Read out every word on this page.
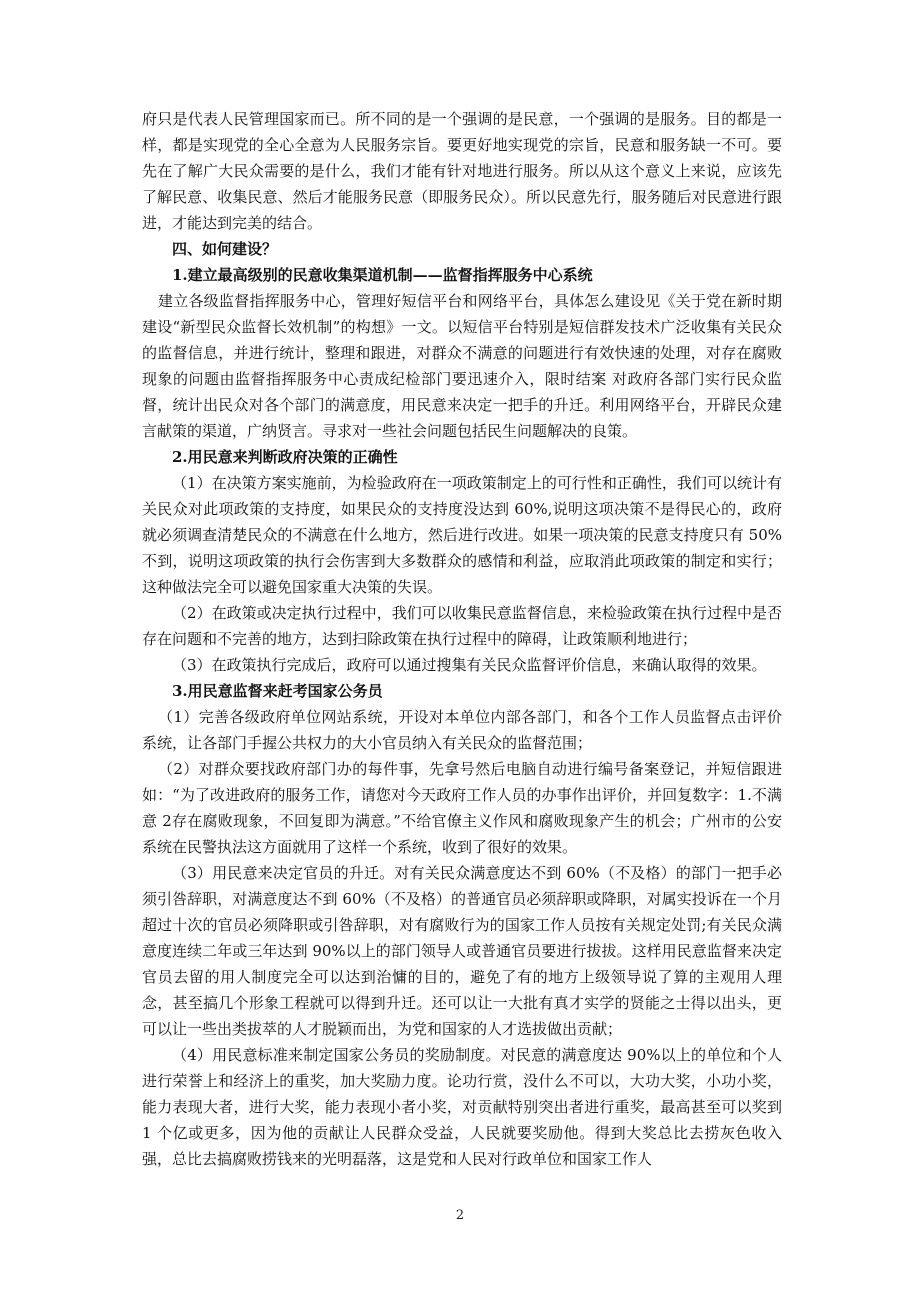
府只是代表人民管理国家而已。所不同的是一个强调的是民意，一个强调的是服务。目的都是一样，都是实现党的全心全意为人民服务宗旨。要更好地实现党的宗旨，民意和服务缺一不可。要先在了解广大民众需要的是什么，我们才能有针对地进行服务。所以从这个意义上来说，应该先了解民意、收集民意、然后才能服务民意（即服务民众）。所以民意先行，服务随后对民意进行跟进，才能达到完美的结合。

四、如何建设？

1.建立最高级别的民意收集渠道机制——监督指挥服务中心系统

建立各级监督指挥服务中心，管理好短信平台和网络平台，具体怎么建设见《关于党在新时期建设“新型民众监督长效机制”的构想》一文。以短信平台特别是短信群发技术广泛收集有关民众的监督信息，并进行统计，整理和跟进，对群众不满意的问题进行有效快速的处理，对存在腐败现象的问题由监督指挥服务中心责成纪检部门要迅速介入，限时结案 对政府各部门实行民众监督，统计出民众对各个部门的满意度，用民意来决定一把手的升迁。利用网络平台，开辟民众建言献策的渠道，广纳贤言。寻求对一些社会问题包括民生问题解决的良策。

2.用民意来判断政府决策的正确性

（1）在决策方案实施前，为检验政府在一项政策制定上的可行性和正确性，我们可以统计有关民众对此项政策的支持度，如果民众的支持度没达到 60%,说明这项决策不是得民心的，政府就必须调查清楚民众的不满意在什么地方，然后进行改进。如果一项决策的民意支持度只有 50%不到，说明这项政策的执行会伤害到大多数群众的感情和利益，应取消此项政策的制定和实行；这种做法完全可以避免国家重大决策的失误。

（2）在政策或决定执行过程中，我们可以收集民意监督信息，来检验政策在执行过程中是否存在问题和不完善的地方，达到扫除政策在执行过程中的障碍，让政策顺利地进行；

（3）在政策执行完成后，政府可以通过搜集有关民众监督评价信息，来确认取得的效果。

3.用民意监督来赶考国家公务员

（1）完善各级政府单位网站系统，开设对本单位内部各部门，和各个工作人员监督点击评价系统，让各部门手握公共权力的大小官员纳入有关民众的监督范围；

（2）对群众要找政府部门办的每件事，先拿号然后电脑自动进行编号备案登记，并短信跟进如：“为了改进政府的服务工作，请您对今天政府工作人员的办事作出评价，并回复数字：1.不满意 2存在腐败现象，不回复即为满意。”不给官僚主义作风和腐败现象产生的机会；广州市的公安系统在民警执法这方面就用了这样一个系统，收到了很好的效果。

（3）用民意来决定官员的升迁。对有关民众满意度达不到 60%（不及格）的部门一把手必须引咎辞职，对满意度达不到 60%（不及格）的普通官员必须辞职或降职，对属实投诉在一个月超过十次的官员必须降职或引咎辞职，对有腐败行为的国家工作人员按有关规定处罚;有关民众满意度连续二年或三年达到 90%以上的部门领导人或普通官员要进行拔拔。这样用民意监督来决定官员去留的用人制度完全可以达到治慵的目的，避免了有的地方上级领导说了算的主观用人理念，甚至搞几个形象工程就可以得到升迁。还可以让一大批有真才实学的贤能之士得以出头，更可以让一些出类拔萃的人才脱颖而出，为党和国家的人才选拔做出贡献；

（4）用民意标准来制定国家公务员的奖励制度。对民意的满意度达 90%以上的单位和个人进行荣誉上和经济上的重奖，加大奖励力度。论功行赏，没什么不可以，大功大奖，小功小奖，能力表现大者，进行大奖，能力表现小者小奖，对贡献特别突出者进行重奖，最高甚至可以奖到 1 个亿或更多，因为他的贡献让人民群众受益，人民就要奖励他。得到大奖总比去捞灰色收入强，总比去搞腐败捞钱来的光明磊落，这是党和人民对行政单位和国家工作人

2
